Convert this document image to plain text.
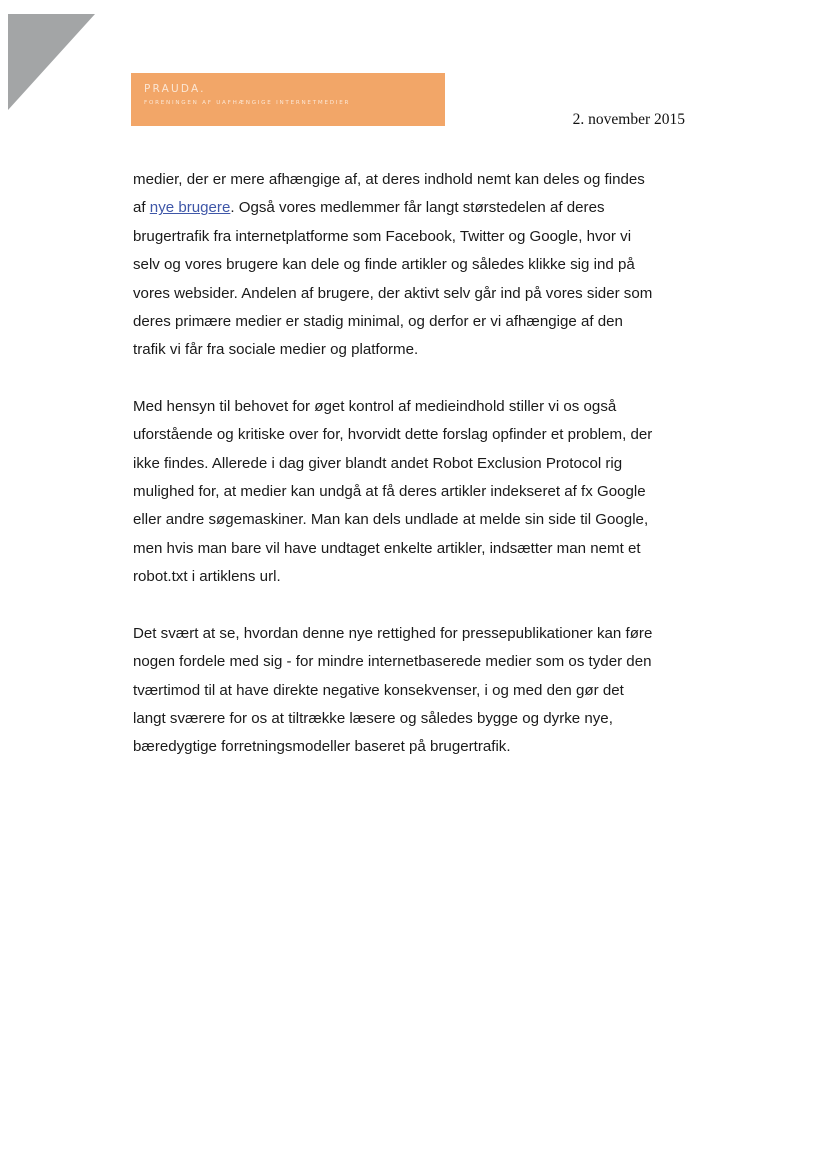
PRAUDA.
FORENINGEN AF UAFHÆNGIGE INTERNETMEDIER
2. november 2015

medier, der er mere afhængige af, at deres indhold nemt kan deles og findes
af nye brugere. Også vores medlemmer får langt størstedelen af deres
brugertrafik fra internetplatforme som Facebook, Twitter og Google, hvor vi
selv og vores brugere kan dele og finde artikler og således klikke sig ind på
vores websider. Andelen af brugere, der aktivt selv går ind på vores sider som
deres primære medier er stadig minimal, og derfor er vi afhængige af den
trafik vi får fra sociale medier og platforme.

Med hensyn til behovet for øget kontrol af medieindhold stiller vi os også
uforstående og kritiske over for, hvorvidt dette forslag opfinder et problem, der
ikke findes. Allerede i dag giver blandt andet Robot Exclusion Protocol rig
mulighed for, at medier kan undgå at få deres artikler indekseret af fx Google
eller andre søgemaskiner. Man kan dels undlade at melde sin side til Google,
men hvis man bare vil have undtaget enkelte artikler, indsætter man nemt et
robot.txt i artiklens url.

Det svært at se, hvordan denne nye rettighed for pressepublikationer kan føre
nogen fordele med sig - for mindre internetbaserede medier som os tyder den
tværtimod til at have direkte negative konsekvenser, i og med den gør det
langt sværere for os at tiltrække læsere og således bygge og dyrke nye,
bæredygtige forretningsmodeller baseret på brugertrafik.
